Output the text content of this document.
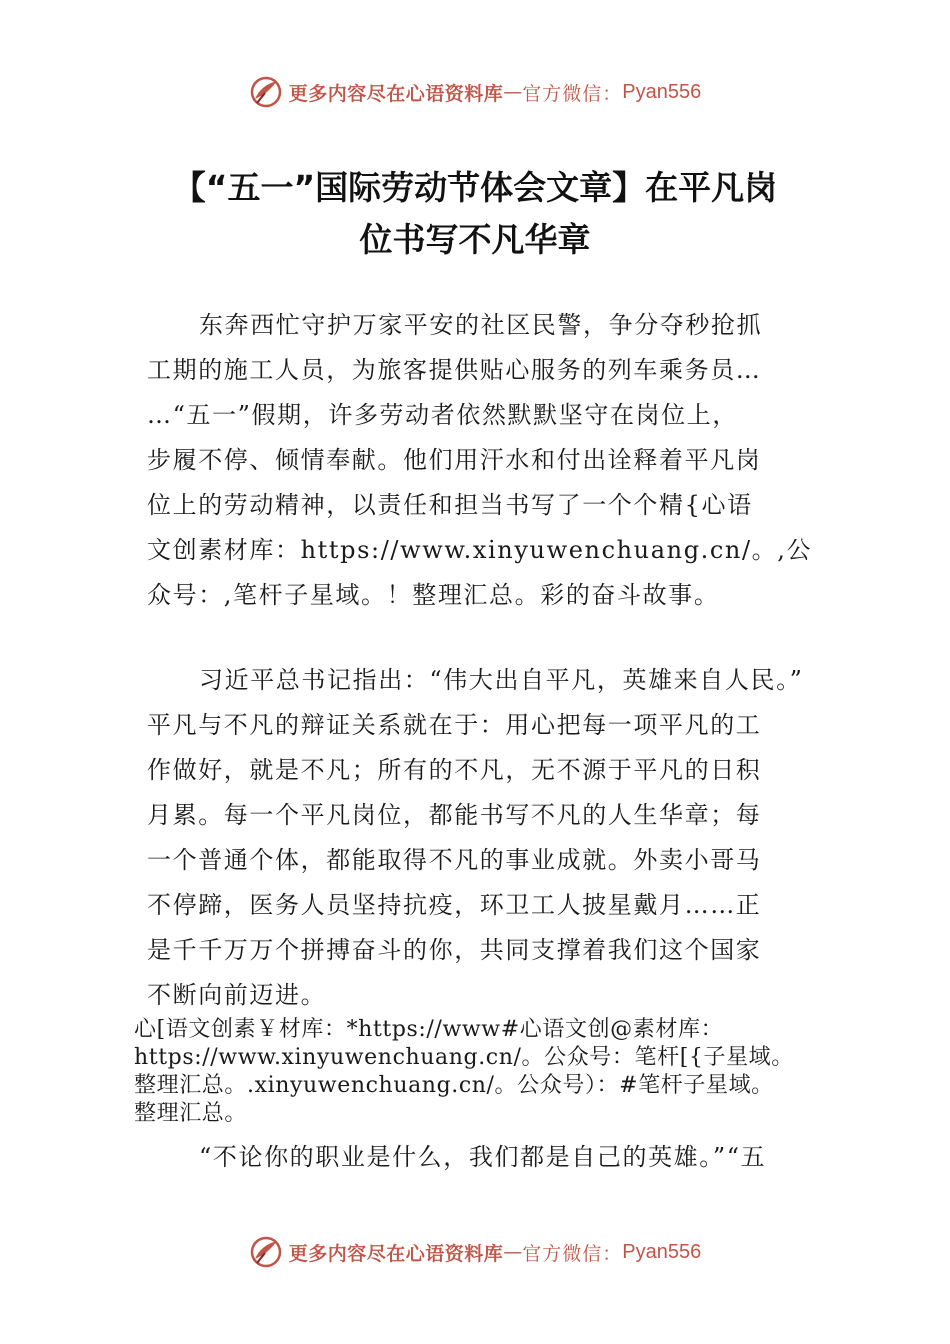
更多内容尽在心语资料库 — 官方微信： Pyan556
【“五一”国际劳动节体会文章】在平凡岗
位书写不凡华章
东奔西忙守护万家平安的社区民警，争分夺秒抢抓
工期的施工人员，为旅客提供贴心服务的列车乘务员…
…“五一”假期，许多劳动者依然默默坚守在岗位上，
步履不停、倾情奉献。他们用汗水和付出诠释着平凡岗
位上的劳动精神，以责任和担当书写了一个个精{心语
文创素材库：https://www.xinyuwenchuang.cn/。,公
众号：,笔杆子星域。！整理汇总。彩的奋斗故事。
习近平总书记指出：“伟大出自平凡，英雄来自人民。”
平凡与不凡的辩证关系就在于：用心把每一项平凡的工
作做好，就是不凡；所有的不凡，无不源于平凡的日积
月累。每一个平凡岗位，都能书写不凡的人生华章；每
一个普通个体，都能取得不凡的事业成就。外卖小哥马
不停蹄，医务人员坚持抗疫，环卫工人披星戴月……正
是千千万万个拼搏奋斗的你，共同支撑着我们这个国家
不断向前迈进。
心[语文创素￥材库：*https://www#心语文创@素材库：
https://www.xinyuwenchuang.cn/。公众号：笔杆[{子星域。
整理汇总。.xinyuwenchuang.cn/。公众号）：#笔杆子星域。
整理汇总。
“不论你的职业是什么，我们都是自己的英雄。”“五
更多内容尽在心语资料库 — 官方微信： Pyan556
